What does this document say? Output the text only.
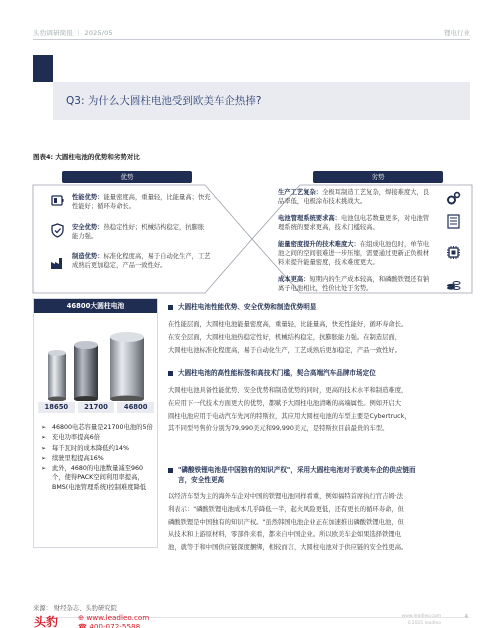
头豹调研简报 ｜ 2025/05	锂电行业
Q3: 为什么大圆柱电池受到欧美车企热捧?
图表4: 大圆柱电池的优势和劣势对比
优势	劣势
性能优势：能量密度高，重量轻，比能量高；快充性能好；循环寿命长。
安全优势：热稳定性好；机械结构稳定，抗膨胀能力强。
制造优势：标准化程度高，易于自动化生产，工艺成熟后更加稳定，产品一致性好。
生产工艺复杂：全极耳制造工艺复杂，焊接难度大，良品率低，电极涂布技术挑战大。
电池管理系统要求高：电池包电芯数量更多，对电池管理系统的要求更高，技术门槛较高。
能量密度提升的技术难度大：在组成电池包时，单节电池之间的空间很难进一步压缩，需要通过更新正负极材料来提升能量密度，技术难度更大。
成本更高：短期内的生产成本较高，和磷酸铁锂还有钠离子电池相比，性价比处于劣势。
46800大圆柱电池
18650	21700	46800
➢ 46800电芯容量是21700电池的5倍
➢ 充电功率提高6倍
➢ 每千瓦时的成本降低约14%
➢ 续驶里程提高16%
➢ 此外，4680的电池数量减至960个，使得PACK空间利用率提高，BMS(电池管理系统)控制难度降低
大圆柱电池性能优势、安全优势和制造优势明显
在性能层面，大圆柱电池能量密度高，重量轻，比能量高，快充性能好，循环寿命长。
在安全层面，大圆柱电池热稳定性好，机械结构稳定，抗膨胀能力强。在制造层面，
大圆柱电池标准化程度高，易于自动化生产，工艺成熟后更加稳定，产品一致性好。
大圆柱电池的高性能标签和高技术门槛，契合高端汽车品牌市场定位
大圆柱电池具备性能优势、安全优势和制造优势的同时，更高的技术水平和制造难度，
在应用下一代技术方面更大的优势，都赋予大圆柱电池清晰的高端属性。例如开启大
圆柱电池应用于电动汽车先河的特斯拉，其应用大圆柱电池的车型主要是Cybertruck，
其不同型号售价分别为79,990美元和99,990美元，是特斯拉目前最贵的车型。
"磷酸铁锂电池是中国独有的知识产权"，采用大圆柱电池对于欧美车企的供应链而
言，安全性更高
以经济车型为主的海外车企对中国的铁锂电池同样看重，例如福特首席执行官吉姆·法
利表示："磷酸铁锂电池成本几乎降低一半，起火风险更低，还有更长的循环寿命，但
磷酸铁锂是中国独有的知识产权。"虽然韩国电池企业正在加速推出磷酸铁锂电池，但
从技术和上游原材料，零部件来看，都来自中国企业。所以欧美车企如果选择铁锂电
池，就等于和中国供应链深度捆绑，相较而言，大圆柱电池对于供应链的安全性更高。
来源： 财经杂志、头豹研究院
头豹	⊕ www.leadleo.com
☎ 400-072-5588
www.leadleo.com
©2025 leadleo
4
